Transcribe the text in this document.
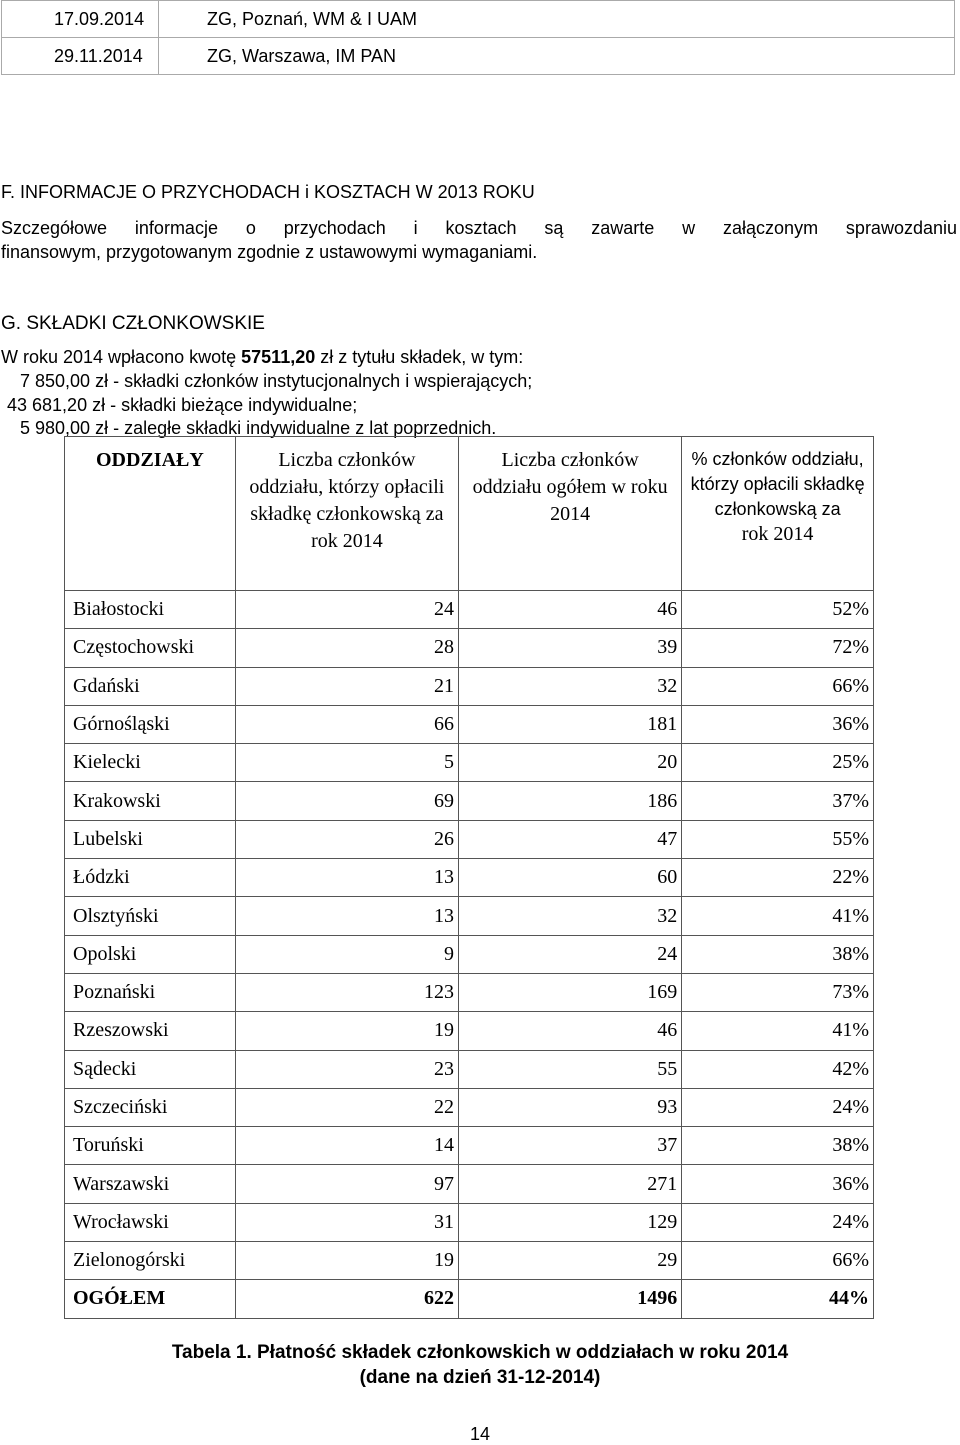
17.09.2014	ZG, Poznań, WM & I UAM
29.11.2014	ZG, Warszawa, IM PAN
F. INFORMACJE O PRZYCHODACH i KOSZTACH W 2013 ROKU
Szczegółowe informacje o przychodach i kosztach są zawarte w załączonym sprawozdaniu
finansowym, przygotowanym zgodnie z ustawowymi wymaganiami.
G. SKŁADKI CZŁONKOWSKIE
W roku 2014 wpłacono kwotę 57511,20 zł z tytułu składek, w tym:
7 850,00 zł - składki członków instytucjonalnych i wspierających;
43 681,20 zł - składki bieżące indywidualne;
5 980,00 zł - zaległe składki indywidualne z lat poprzednich.
ODDZIAŁY	Liczba członków oddziału, którzy opłacili składkę członkowską za rok 2014	Liczba członków oddziału ogółem w roku 2014	% członków oddziału, którzy opłacili składkę członkowską za
rok 2014
Białostocki	24	46	52%
Częstochowski	28	39	72%
Gdański	21	32	66%
Górnośląski	66	181	36%
Kielecki	5	20	25%
Krakowski	69	186	37%
Lubelski	26	47	55%
Łódzki	13	60	22%
Olsztyński	13	32	41%
Opolski	9	24	38%
Poznański	123	169	73%
Rzeszowski	19	46	41%
Sądecki	23	55	42%
Szczeciński	22	93	24%
Toruński	14	37	38%
Warszawski	97	271	36%
Wrocławski	31	129	24%
Zielonogórski	19	29	66%
OGÓŁEM	622	1496	44%
Tabela 1. Płatność składek członkowskich w oddziałach w roku 2014
(dane na dzień 31-12-2014)
14
